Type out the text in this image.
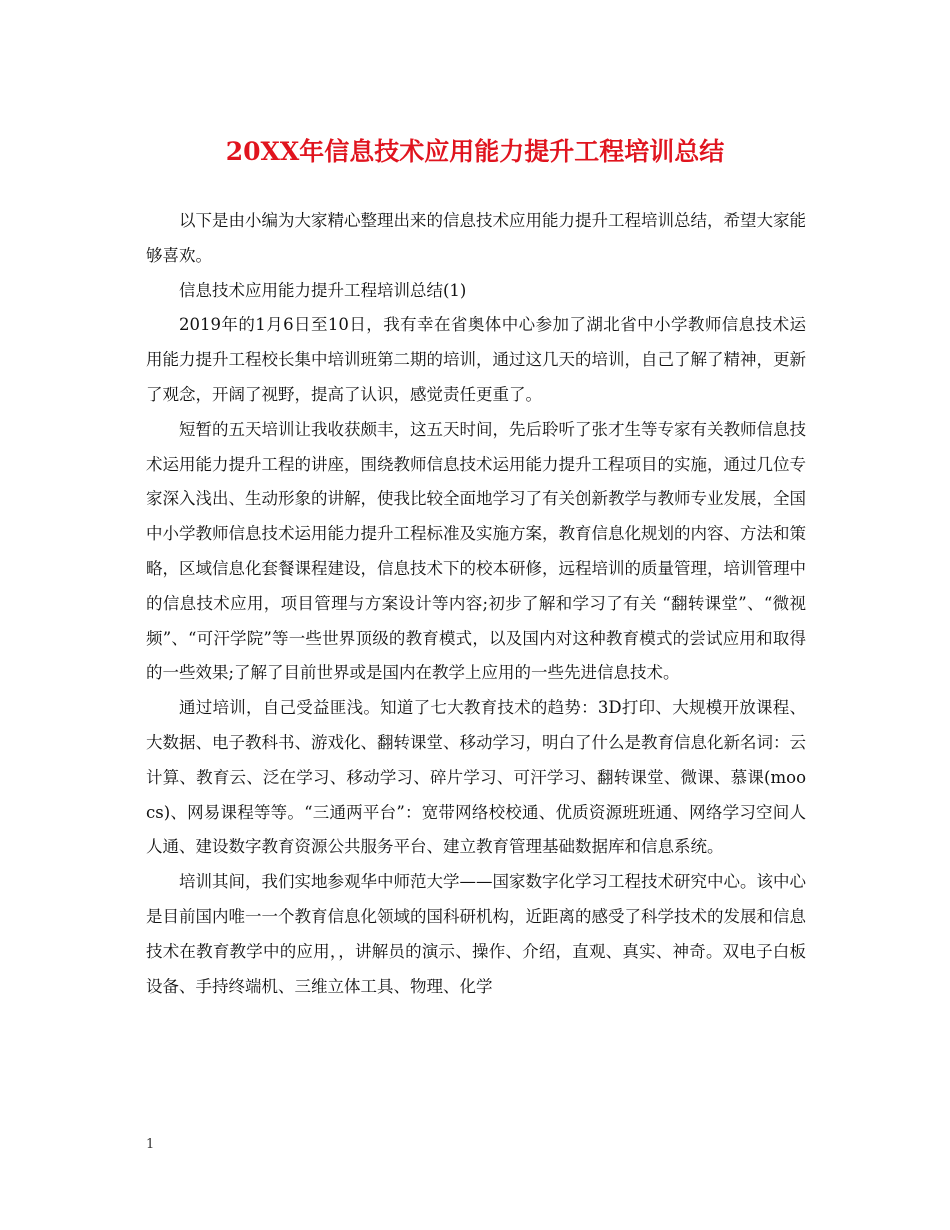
20XX年信息技术应用能力提升工程培训总结

以下是由小编为大家精心整理出来的信息技术应用能力提升工程培训总结，希望大家能够喜欢。

信息技术应用能力提升工程培训总结(1)

2019年的1月6日至10日，我有幸在省奥体中心参加了湖北省中小学教师信息技术运用能力提升工程校长集中培训班第二期的培训，通过这几天的培训，自己了解了精神，更新了观念，开阔了视野，提高了认识，感觉责任更重了。

短暂的五天培训让我收获颇丰，这五天时间，先后聆听了张才生等专家有关教师信息技术运用能力提升工程的讲座，围绕教师信息技术运用能力提升工程项目的实施，通过几位专家深入浅出、生动形象的讲解，使我比较全面地学习了有关创新教学与教师专业发展，全国中小学教师信息技术运用能力提升工程标准及实施方案，教育信息化规划的内容、方法和策略，区域信息化套餐课程建设，信息技术下的校本研修，远程培训的质量管理，培训管理中的信息技术应用，项目管理与方案设计等内容;初步了解和学习了有关 “翻转课堂”、“微视频”、“可汗学院”等一些世界顶级的教育模式，以及国内对这种教育模式的尝试应用和取得的一些效果;了解了目前世界或是国内在教学上应用的一些先进信息技术。

通过培训，自己受益匪浅。知道了七大教育技术的趋势：3D打印、大规模开放课程、大数据、电子教科书、游戏化、翻转课堂、移动学习，明白了什么是教育信息化新名词：云计算、教育云、泛在学习、移动学习、碎片学习、可汗学习、翻转课堂、微课、慕课(moocs)、网易课程等等。“三通两平台”：宽带网络校校通、优质资源班班通、网络学习空间人人通、建设数字教育资源公共服务平台、建立教育管理基础数据库和信息系统。

培训其间，我们实地参观华中师范大学——国家数字化学习工程技术研究中心。该中心是目前国内唯一一个教育信息化领域的国科研机构，近距离的感受了科学技术的发展和信息技术在教育教学中的应用，，讲解员的演示、操作、介绍，直观、真实、神奇。双电子白板设备、手持终端机、三维立体工具、物理、化学

1
